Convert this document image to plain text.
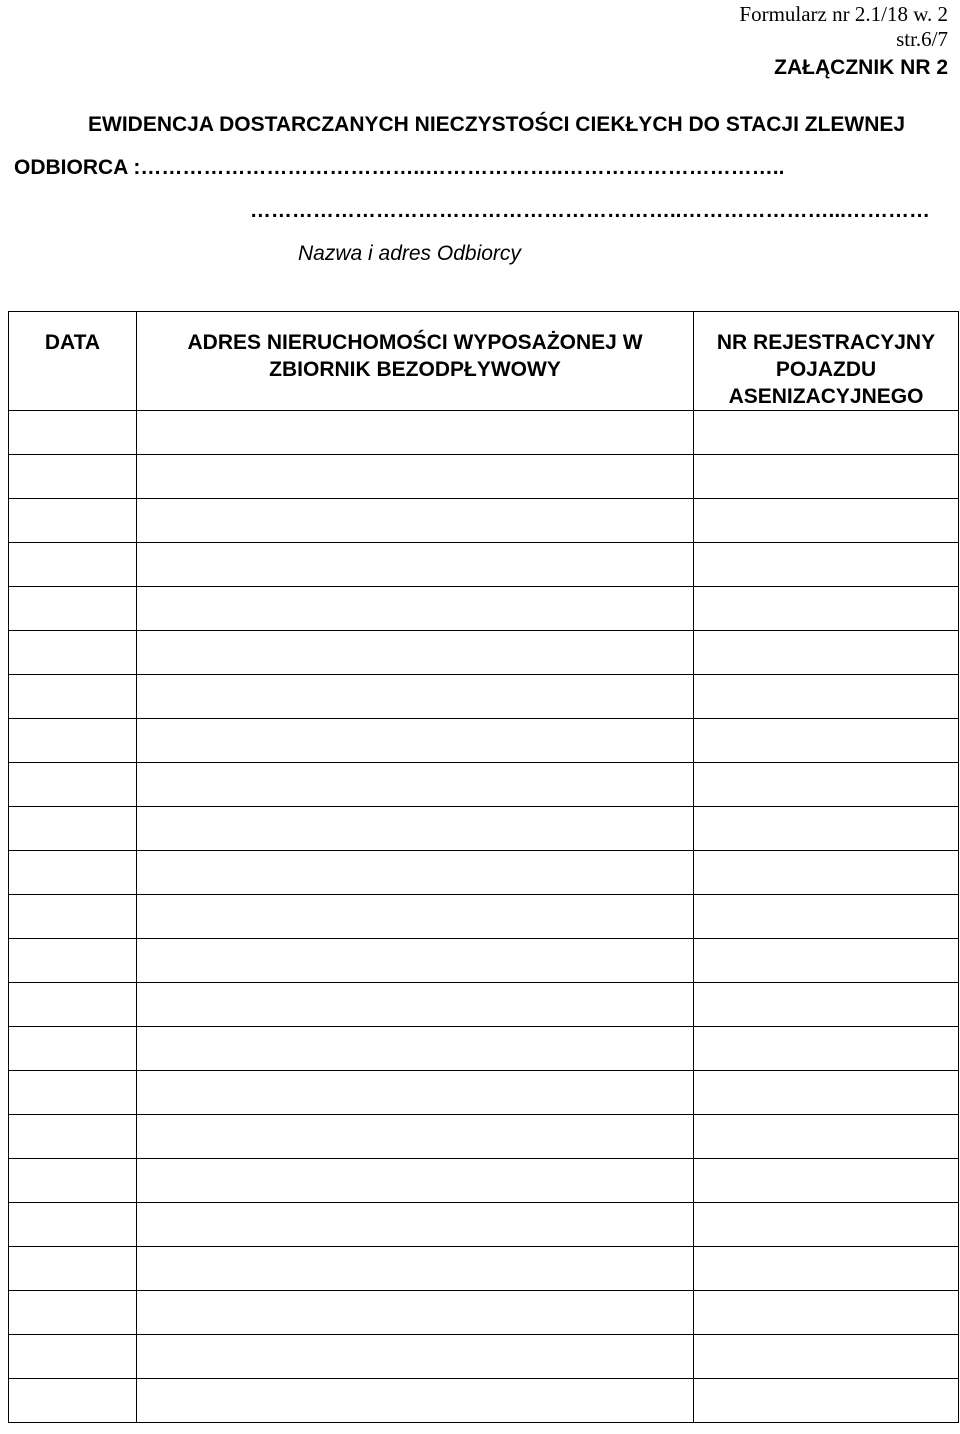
Formularz nr 2.1/18 w. 2
str.6/7
ZAŁĄCZNIK NR 2
EWIDENCJA DOSTARCZANYCH NIECZYSTOŚCI CIEKŁYCH DO STACJI ZLEWNEJ
ODBIORCA :…………………………………..………………..…………………………..
……………………………………………………..…………………...…………
Nazwa i adres Odbiorcy
DATA	ADRES NIERUCHOMOŚCI WYPOSAŻONEJ W ZBIORNIK BEZODPŁYWOWY	NR REJESTRACYJNY POJAZDU ASENIZACYJNEGO
